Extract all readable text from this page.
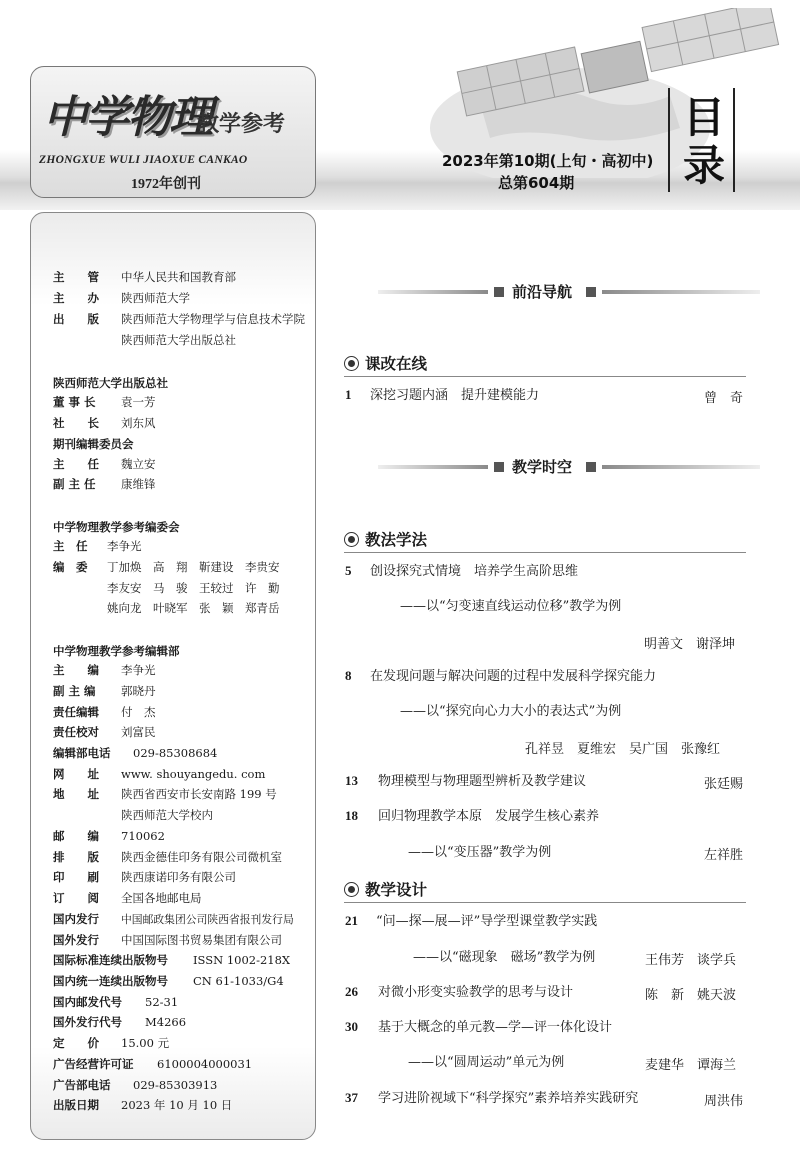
中学物理
教学参考
ZHONGXUE WULI JIAOXUE CANKAO
1972年创刊
2023年第10期(上旬・高初中)
总第604期
目录
主　　管 中华人民共和国教育部
主　　办 陕西师范大学
出　　版 陕西师范大学物理学与信息技术学院
陕西师范大学出版总社
陕西师范大学出版总社
董 事 长 袁一芳
社　　长 刘东风
期刊编辑委员会
主　　任 魏立安
副 主 任 康维锋
中学物理教学参考编委会
主　任 李争光
编　委 丁加焕　高　翔　靳建设　李贵安
李友安　马　骏　王较过　许　勤
姚向龙　叶晓军　张　颖　郑青岳
中学物理教学参考编辑部
主　　编 李争光
副 主 编 郭晓丹
责任编辑 付　杰
责任校对 刘富民
编辑部电话 029-85308684
网　　址 www. shouyangedu. com
地　　址 陕西省西安市长安南路 199 号
陕西师范大学校内
邮　　编 710062
排　　版 陕西金德佳印务有限公司微机室
印　　刷 陕西康诺印务有限公司
订　　阅 全国各地邮电局
国内发行 中国邮政集团公司陕西省报刊发行局
国外发行 中国国际图书贸易集团有限公司
国际标准连续出版物号 ISSN 1002-218X
国内统一连续出版物号 CN 61-1033/G4
国内邮发代号 52-31
国外发行代号 M4266
定　　价 15.00 元
广告经营许可证 6100004000031
广告部电话 029-85303913
出版日期 2023 年 10 月 10 日
前沿导航
课改在线
1 深挖习题内涵　提升建模能力	曾　奇
教学时空
教法学法
5 创设探究式情境　培养学生高阶思维
——以“匀变速直线运动位移”教学为例
明善文　谢泽坤
8 在发现问题与解决问题的过程中发展科学探究能力
——以“探究向心力大小的表达式”为例
孔祥昱　夏维宏　吴广国　张豫红
13 物理模型与物理题型辨析及教学建议	张廷赐
18 回归物理教学本原　发展学生核心素养
——以“变压器”教学为例	左祥胜
教学设计
21 “问—探—展—评”导学型课堂教学实践
——以“磁现象　磁场”教学为例	王伟芳　谈学兵
26 对微小形变实验教学的思考与设计	陈　新　姚天波
30 基于大概念的单元教—学—评一体化设计
——以“圆周运动”单元为例	麦建华　谭海兰
37 学习进阶视域下“科学探究”素养培养实践研究	周洪伟
